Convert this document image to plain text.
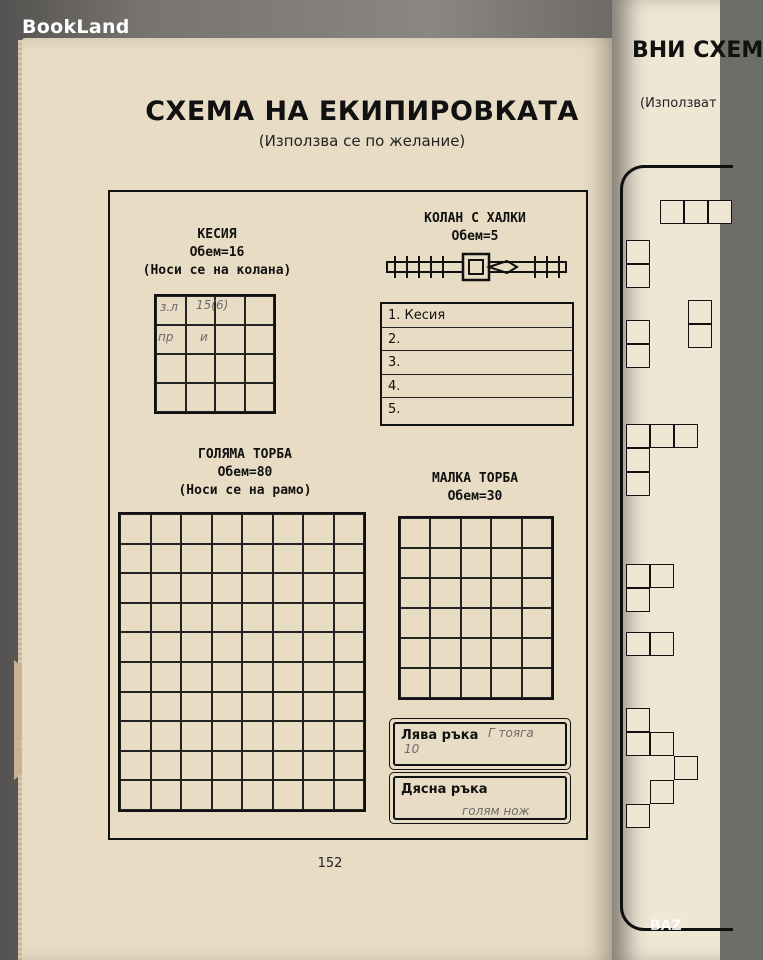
ВНИ СХЕМ
(Използват
BookLand
СХЕМА НА ЕКИПИРОВКАТА
(Използва се по желание)
КЕСИЯ
Обем=16
(Носи се на колана)
з.л 15(6)
пр и
КОЛАН С ХАЛКИ
Обем=5
1. Кесия
2.
3.
4.
5.
ГОЛЯМА ТОРБА
Обем=80
(Носи се на рамо)
МАЛКА ТОРБА
Обем=30
Лява ръка Г тояга
10
Дясна ръка
голям нож
152
BAZ
